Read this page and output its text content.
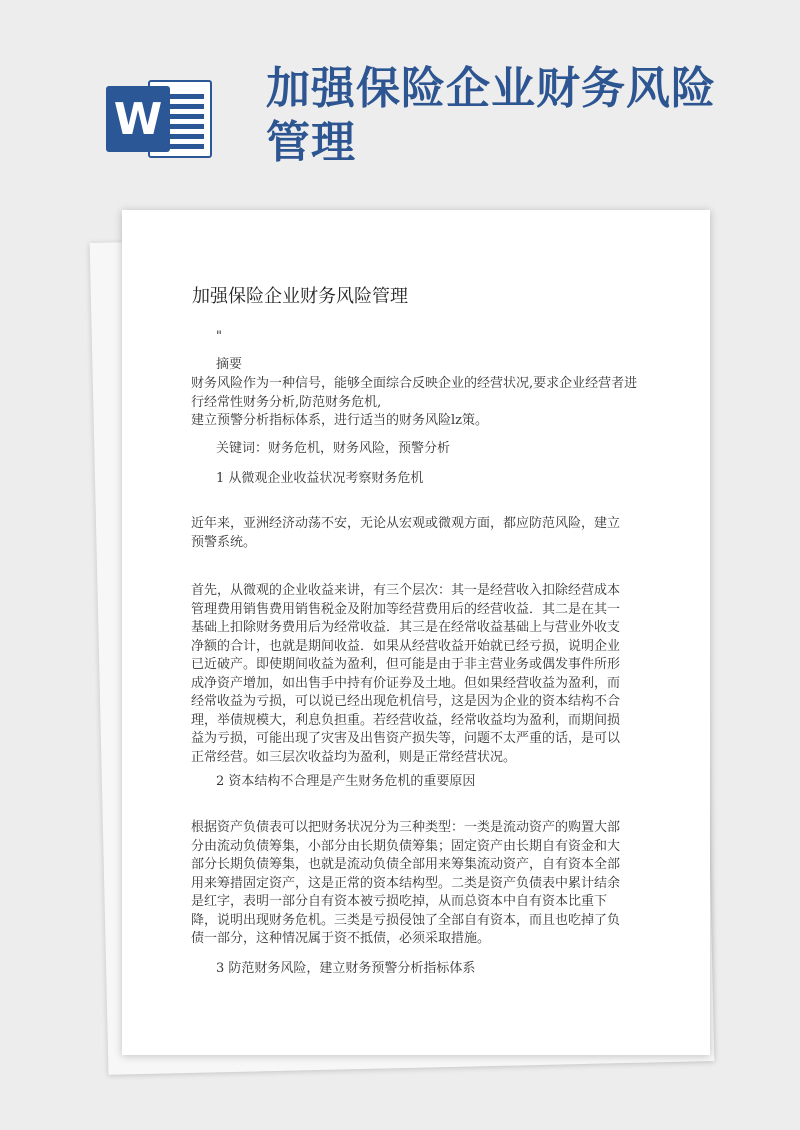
W
加强保险企业财务风险管理
加强保险企业财务风险管理
"
摘要
财务风险作为一种信号，能够全面综合反映企业的经营状况,要求企业经营者进
行经常性财务分析,防范财务危机,
建立预警分析指标体系，进行适当的财务风险lz策。
关键词：财务危机，财务风险，预警分析
1 从微观企业收益状况考察财务危机
近年来，亚洲经济动荡不安，无论从宏观或微观方面，都应防范风险，建立预警系统。
首先，从微观的企业收益来讲，有三个层次：其一是经营收入扣除经营成本管理费用销售费用销售税金及附加等经营费用后的经营收益．其二是在其一基础上扣除财务费用后为经常收益．其三是在经常收益基础上与营业外收支净额的合计，也就是期间收益．如果从经营收益开始就已经亏损，说明企业已近破产。即使期间收益为盈利，但可能是由于非主营业务或偶发事件所形成净资产增加，如出售手中持有价证券及土地。但如果经营收益为盈利，而经常收益为亏损，可以说已经出现危机信号，这是因为企业的资本结构不合理，举债规模大，利息负担重。若经营收益，经常收益均为盈利，而期间损益为亏损，可能出现了灾害及出售资产损失等，问题不太严重的话，是可以正常经营。如三层次收益均为盈利，则是正常经营状况。
2 资本结构不合理是产生财务危机的重要原因
根据资产负债表可以把财务状况分为三种类型：一类是流动资产的购置大部分由流动负债筹集，小部分由长期负债筹集；固定资产由长期自有资金和大部分长期负债筹集，也就是流动负债全部用来筹集流动资产，自有资本全部用来筹措固定资产，这是正常的资本结构型。二类是资产负债表中累计结余是红字，表明一部分自有资本被亏损吃掉，从而总资本中自有资本比重下降，说明出现财务危机。三类是亏损侵蚀了全部自有资本，而且也吃掉了负债一部分，这种情况属于资不抵债，必须采取措施。
3 防范财务风险，建立财务预警分析指标体系
